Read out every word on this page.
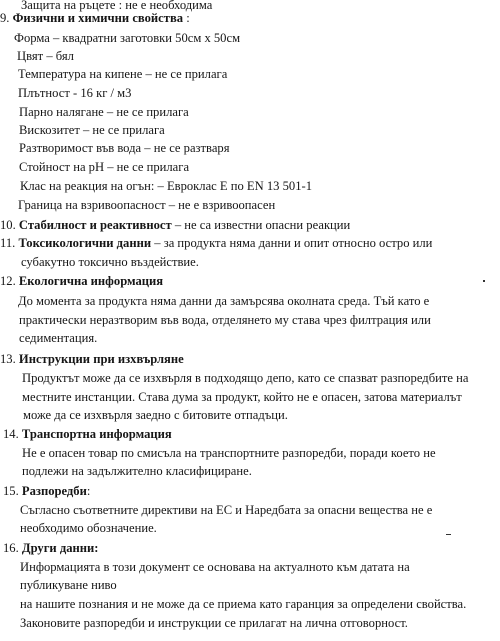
Защита на ръцете : не е необходима
9. Физични и химични свойства :
Форма – квадратни заготовки 50см х 50см
Цвят – бял
Температура на кипене – не се прилага
Плътност - 16 кг / м3
Парно налягане – не се прилага
Вискозитет – не се прилага
Разтворимост във вода – не се разтваря
Стойност на pH – не се прилага
Клас на реакция на огън: – Евроклас Е по EN 13 501-1
Граница на взривоопасност – не е взривоопасен
10. Стабилност и реактивност – не са известни опасни реакции
11. Токсикологични данни – за продукта няма данни и опит относно остро или
субакутно токсично въздействие.
12. Екологична информация
До момента за продукта няма данни да замърсява околната среда. Тъй като е
практически неразтворим във вода, отделянето му става чрез филтрация или
седиментация.
13. Инструкции при изхвърляне
Продуктът може да се изхвърля в подходящо депо, като се спазват разпоредбите на
местните инстанции. Става дума за продукт, който не е опасен, затова материалът
може да се изхвърля заедно с битовите отпадъци.
14. Транспортна информация
Не е опасен товар по смисъла на транспортните разпоредби, поради което не
подлежи на задължително класифициране.
15. Разпоредби:
Съгласно съответните директиви на ЕС и Наредбата за опасни вещества не е
необходимо обозначение.
16. Други данни:
Информацията в този документ се основава на актуалното към датата на
публикуване ниво
на нашите познания и не може да се приема като гаранция за определени свойства.
Законовите разпоредби и инструкции се прилагат на лична отговорност.
